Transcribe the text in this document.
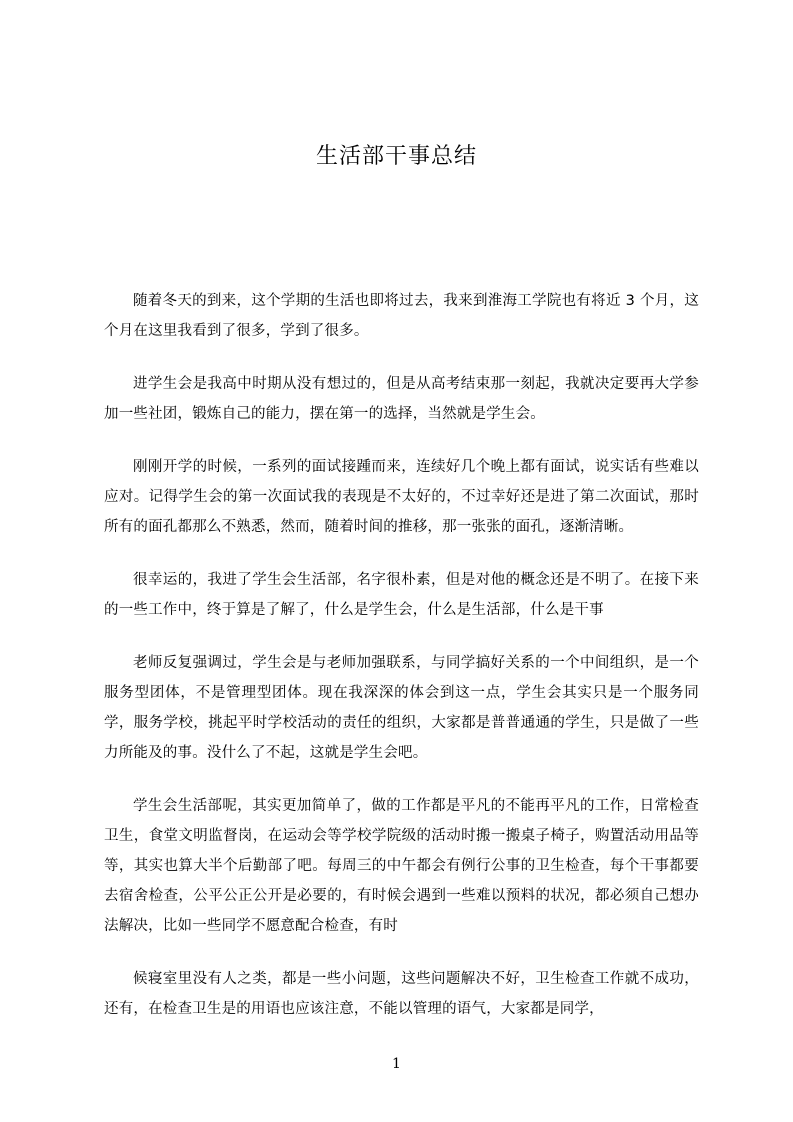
生活部干事总结

随着冬天的到来，这个学期的生活也即将过去，我来到淮海工学院也有将近 3 个月，这个月在这里我看到了很多，学到了很多。

进学生会是我高中时期从没有想过的，但是从高考结束那一刻起，我就决定要再大学参加一些社团，锻炼自己的能力，摆在第一的选择，当然就是学生会。

刚刚开学的时候，一系列的面试接踵而来，连续好几个晚上都有面试，说实话有些难以应对。记得学生会的第一次面试我的表现是不太好的，不过幸好还是进了第二次面试，那时所有的面孔都那么不熟悉，然而，随着时间的推移，那一张张的面孔，逐渐清晰。

很幸运的，我进了学生会生活部，名字很朴素，但是对他的概念还是不明了。在接下来的一些工作中，终于算是了解了，什么是学生会，什么是生活部，什么是干事

老师反复强调过，学生会是与老师加强联系，与同学搞好关系的一个中间组织，是一个服务型团体，不是管理型团体。现在我深深的体会到这一点，学生会其实只是一个服务同学，服务学校，挑起平时学校活动的责任的组织，大家都是普普通通的学生，只是做了一些力所能及的事。没什么了不起，这就是学生会吧。

学生会生活部呢，其实更加简单了，做的工作都是平凡的不能再平凡的工作，日常检查卫生，食堂文明监督岗，在运动会等学校学院级的活动时搬一搬桌子椅子，购置活动用品等等，其实也算大半个后勤部了吧。每周三的中午都会有例行公事的卫生检查，每个干事都要去宿舍检查，公平公正公开是必要的，有时候会遇到一些难以预料的状况，都必须自己想办法解决，比如一些同学不愿意配合检查，有时

候寝室里没有人之类，都是一些小问题，这些问题解决不好，卫生检查工作就不成功，还有，在检查卫生是的用语也应该注意，不能以管理的语气，大家都是同学，

1
